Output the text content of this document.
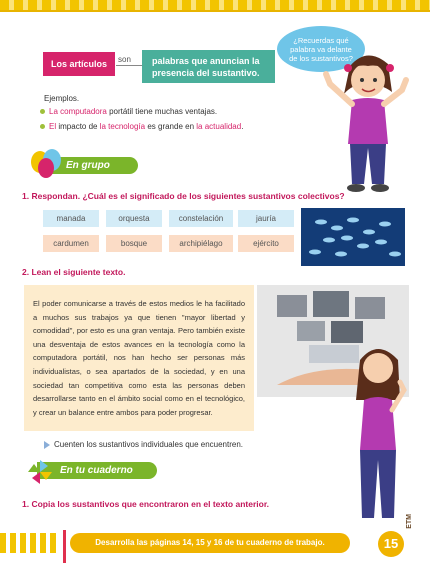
Los artículos	son palabras que anuncian la presencia del sustantivo.
¿Recuerdas qué palabra va delante de los sustantivos?
Ejemplos.
La computadora portátil tiene muchas ventajas.
El impacto de la tecnología es grande en la actualidad.
En grupo
1. Respondan. ¿Cuál es el significado de los siguientes sustantivos colectivos?
manada	orquesta	constelación	jauría
cardumen	bosque	archipiélago	ejército
2. Lean el siguiente texto.
El poder comunicarse a través de estos medios le ha facilitado a muchos sus trabajos ya que tienen "mayor libertad y comodidad", por esto es una gran ventaja. Pero también existe una desventaja de estos avances en la tecnología como la computadora portátil, nos han hecho ser personas más individualistas, o sea apartados de la sociedad, y en una sociedad tan competitiva como esta las personas deben desarrollarse tanto en el ámbito social como en el tecnológico, y crear un balance entre ambos para poder progresar.
Cuenten los sustantivos individuales que encuentren.
En tu cuaderno
1. Copia los sustantivos que encontraron en el texto anterior.
ETM
Desarrolla las páginas 14, 15 y 16 de tu cuaderno de trabajo.	15
